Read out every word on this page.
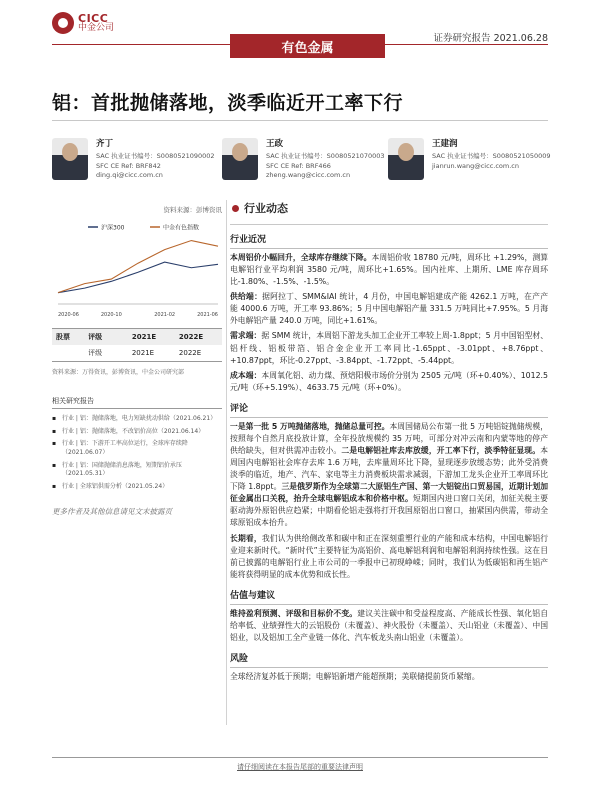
CICC
中金公司
证券研究报告 2021.06.28
有色金属
铝：首批抛储落地，淡季临近开工率下行
齐丁
SAC 执业证书编号：S0080521090002
SFC CE Ref: BRF842
ding.qi@cicc.com.cn
王政
SAC 执业证书编号：S0080521070003
SFC CE Ref: BRF466
zheng.wang@cicc.com.cn
王建润
SAC 执业证书编号：S0080521050009
jianrun.wang@cicc.com.cn
资料来源：彭博资讯
沪深300	中金有色指数
2020-06	2020-10	2021-02	2021-06
股票	评级		2021E	2022E
	评级		2021E	2022E
资料来源：万得资讯，彭博资讯，中金公司研究部
相关研究报告
▪ 行业 | 铝：抛储落地，电力短缺扰动供给（2021.06.21）
▪ 行业 | 铝：抛储落地，不改铝价高位（2021.06.14）
▪ 行业 | 铝：下游开工率高位运行，全球库存续降（2021.06.07）
▪ 行业 | 铝：国储抛储消息落地，短期铝价承压（2021.05.31）
▪ 行业 | 全球铝供需分析（2021.05.24）
更多作者及其他信息请见文末披露页
行业动态
行业近况

本周铝价小幅回升，全球库存继续下降。本周铝价收 18780 元/吨，周环比 +1.29%，测算电解铝行业平均利润 3580 元/吨，周环比+1.65%。国内社库、上期所、LME 库存周环比-1.80%、-1.5%、-1.5%。

供给端：据阿拉丁、SMM&IAI 统计，4 月份，中国电解铝建成产能 4262.1 万吨，在产产能 4000.6 万吨，开工率 93.86%；5 月中国电解铝产量 331.5 万吨同比+7.95%。5 月海外电解铝产量 240.0 万吨，同比+1.61%。

需求端：据 SMM 统计，本周铝下游龙头加工企业开工率较上周-1.8ppt；5 月中国铝型材、铝杆线、铝板带箔、铝合金企业开工率同比-1.65ppt、-3.01ppt、+8.76ppt、+10.87ppt，环比-0.27ppt、-3.84ppt、-1.72ppt、-5.44ppt。

成本端：本周氧化铝、动力煤、预焙阳极市场价分别为 2505 元/吨（环+0.40%）、1012.5 元/吨（环+5.19%）、4633.75 元/吨（环+0%）。

评论

一是第一批 5 万吨抛储落地，抛储总量可控。本周国储局公布第一批 5 万吨铝锭抛储规模，按照每个自然月底投放计算，全年投放规模约 35 万吨，可部分对冲云南和内蒙等地的停产供给缺失，但对供需冲击较小。二是电解铝社库去库放缓，开工率下行，淡季特征显现。本周国内电解铝社会库存去库 1.6 万吨，去库量周环比下降，显现逐步放缓态势；此外受消费淡季的临近，地产、汽车、家电等主力消费板块需求减弱，下游加工龙头企业开工率周环比下降 1.8ppt。三是俄罗斯作为全球第二大原铝生产国、第一大铝锭出口贸易国，近期计划加征金属出口关税，抬升全球电解铝成本和价格中枢。短期国内进口窗口关闭，加征关税主要驱动海外原铝供应趋紧；中期看伦铝走强将打开我国原铝出口窗口，抽紧国内供需，带动全球原铝成本抬升。

长期看，我们认为供给侧改革和碳中和正在深刻重塑行业的产能和成本结构，中国电解铝行业迎来新时代。“新时代”主要特征为高铝价、高电解铝利润和电解铝利润持续性强。这在目前已披露的电解铝行业上市公司的一季报中已初现峥嵘；同时，我们认为低碳铝和再生铝产能将获得明显的成本优势和成长性。

估值与建议

维持盈利预测、评级和目标价不变。建议关注碳中和受益程度高、产能成长性强、氧化铝自给率低、业绩弹性大的云铝股份（未覆盖）、神火股份（未覆盖）、天山铝业（未覆盖）、中国铝业，以及铝加工全产业链一体化、汽车板龙头南山铝业（未覆盖）。

风险

全球经济复苏低于预期；电解铝新增产能超预期；美联储提前货币紧缩。

请仔细阅读在本报告尾部的重要法律声明
